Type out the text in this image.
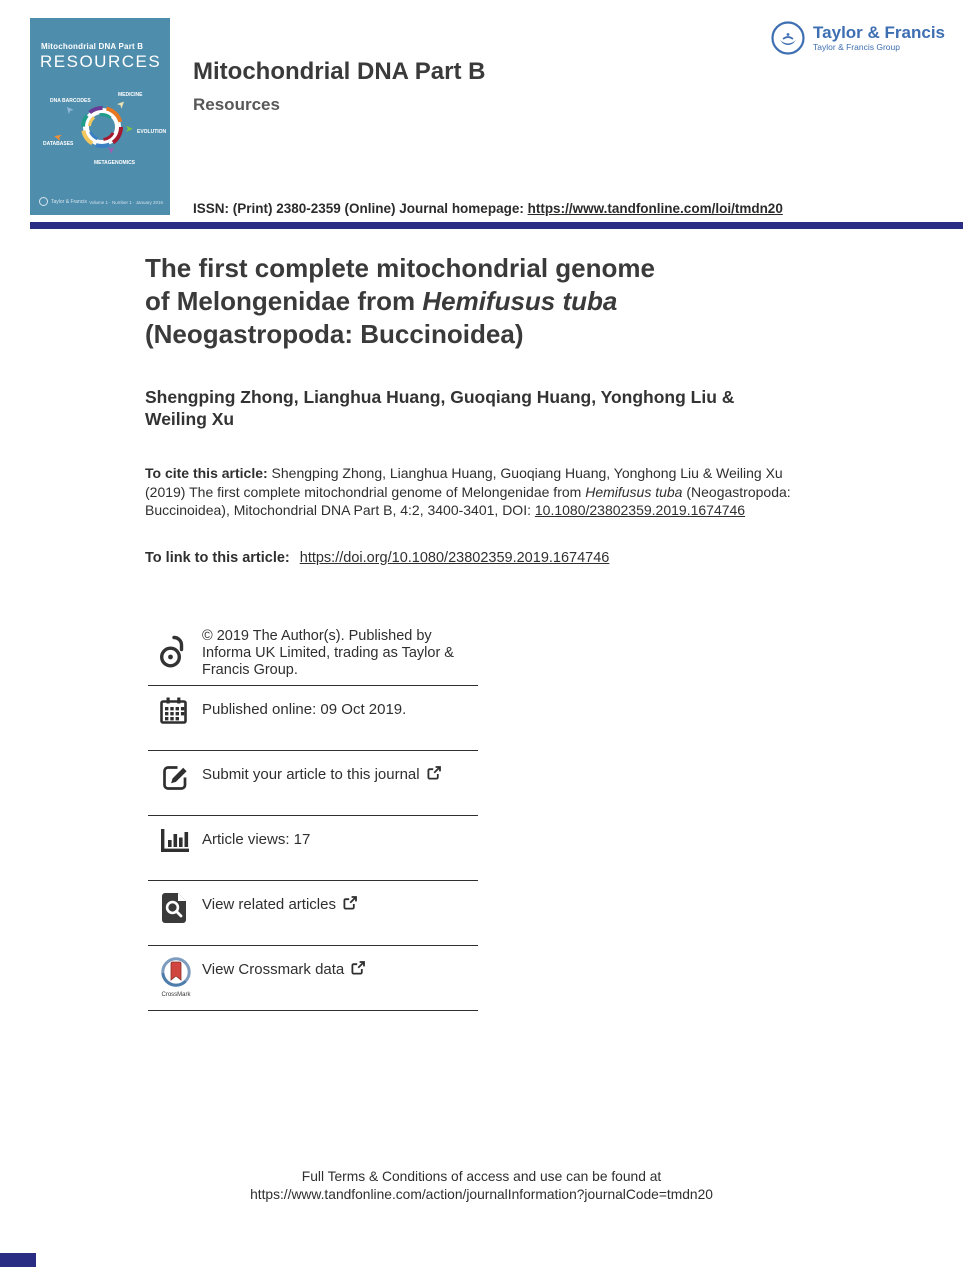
Mitochondrial DNA Part B
RESOURCES
➤	➤
➤
➤
➤
DNA BARCODES
MEDICINE
EVOLUTION
METAGENOMICS
DATABASES
Taylor & Francis Volume 1 · Number 1 · January 2016
Mitochondrial DNA Part B
Resources
Taylor & Francis
Taylor & Francis Group
ISSN: (Print) 2380-2359 (Online) Journal homepage: https://www.tandfonline.com/loi/tmdn20
The first complete mitochondrial genome
of Melongenidae from Hemifusus tuba
(Neogastropoda: Buccinoidea)
Shengping Zhong, Lianghua Huang, Guoqiang Huang, Yonghong Liu & Weiling Xu
To cite this article: Shengping Zhong, Lianghua Huang, Guoqiang Huang, Yonghong Liu & Weiling Xu (2019) The first complete mitochondrial genome of Melongenidae from Hemifusus tuba (Neogastropoda: Buccinoidea), Mitochondrial DNA Part B, 4:2, 3400-3401, DOI: 10.1080/23802359.2019.1674746
To link to this article: https://doi.org/10.1080/23802359.2019.1674746
© 2019 The Author(s). Published by Informa UK Limited, trading as Taylor & Francis Group.
Published online: 09 Oct 2019.
Submit your article to this journal
Article views: 17
View related articles
CrossMark
View Crossmark data
Full Terms & Conditions of access and use can be found at
https://www.tandfonline.com/action/journalInformation?journalCode=tmdn20
